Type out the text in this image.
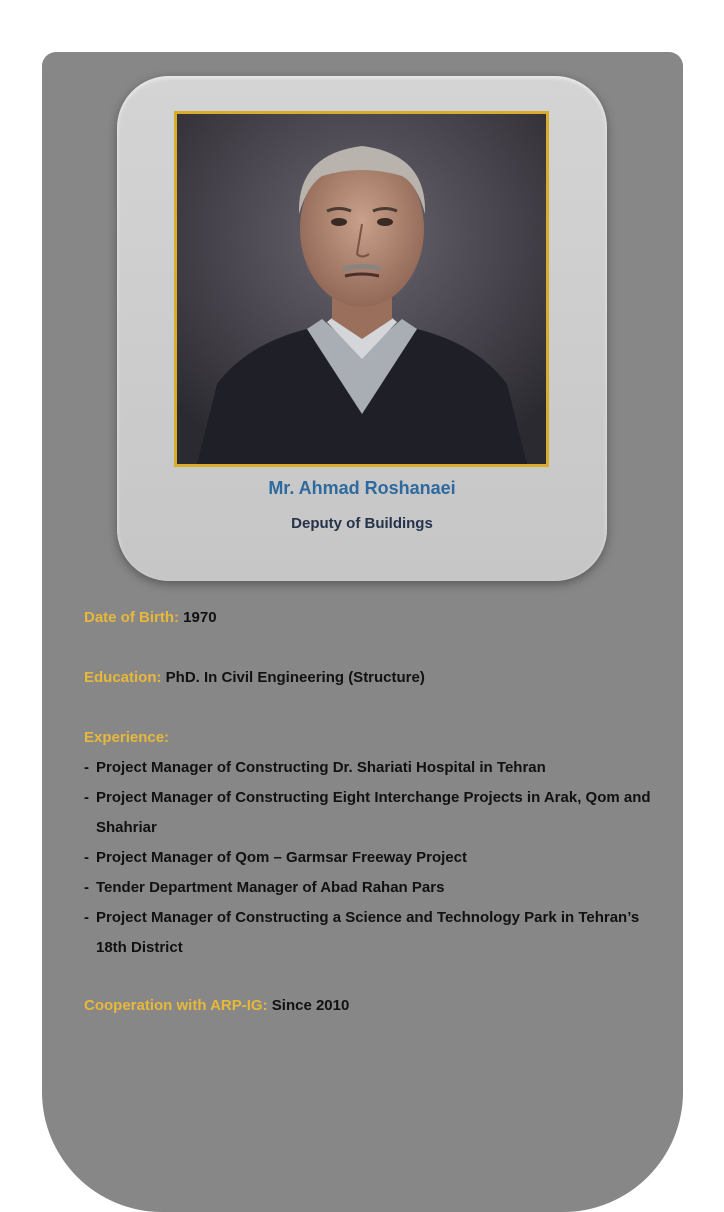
Mr. Ahmad Roshanaei
Deputy of Buildings
Date of Birth: 1970
Education: PhD. In Civil Engineering (Structure)
Experience:
- Project Manager of Constructing Dr. Shariati Hospital in Tehran
- Project Manager of Constructing Eight Interchange Projects in Arak, Qom and Shahriar
- Project Manager of Qom – Garmsar Freeway Project
- Tender Department Manager of Abad Rahan Pars
- Project Manager of Constructing a Science and Technology Park in Tehran’s 18th District
Cooperation with ARP-IG: Since 2010
